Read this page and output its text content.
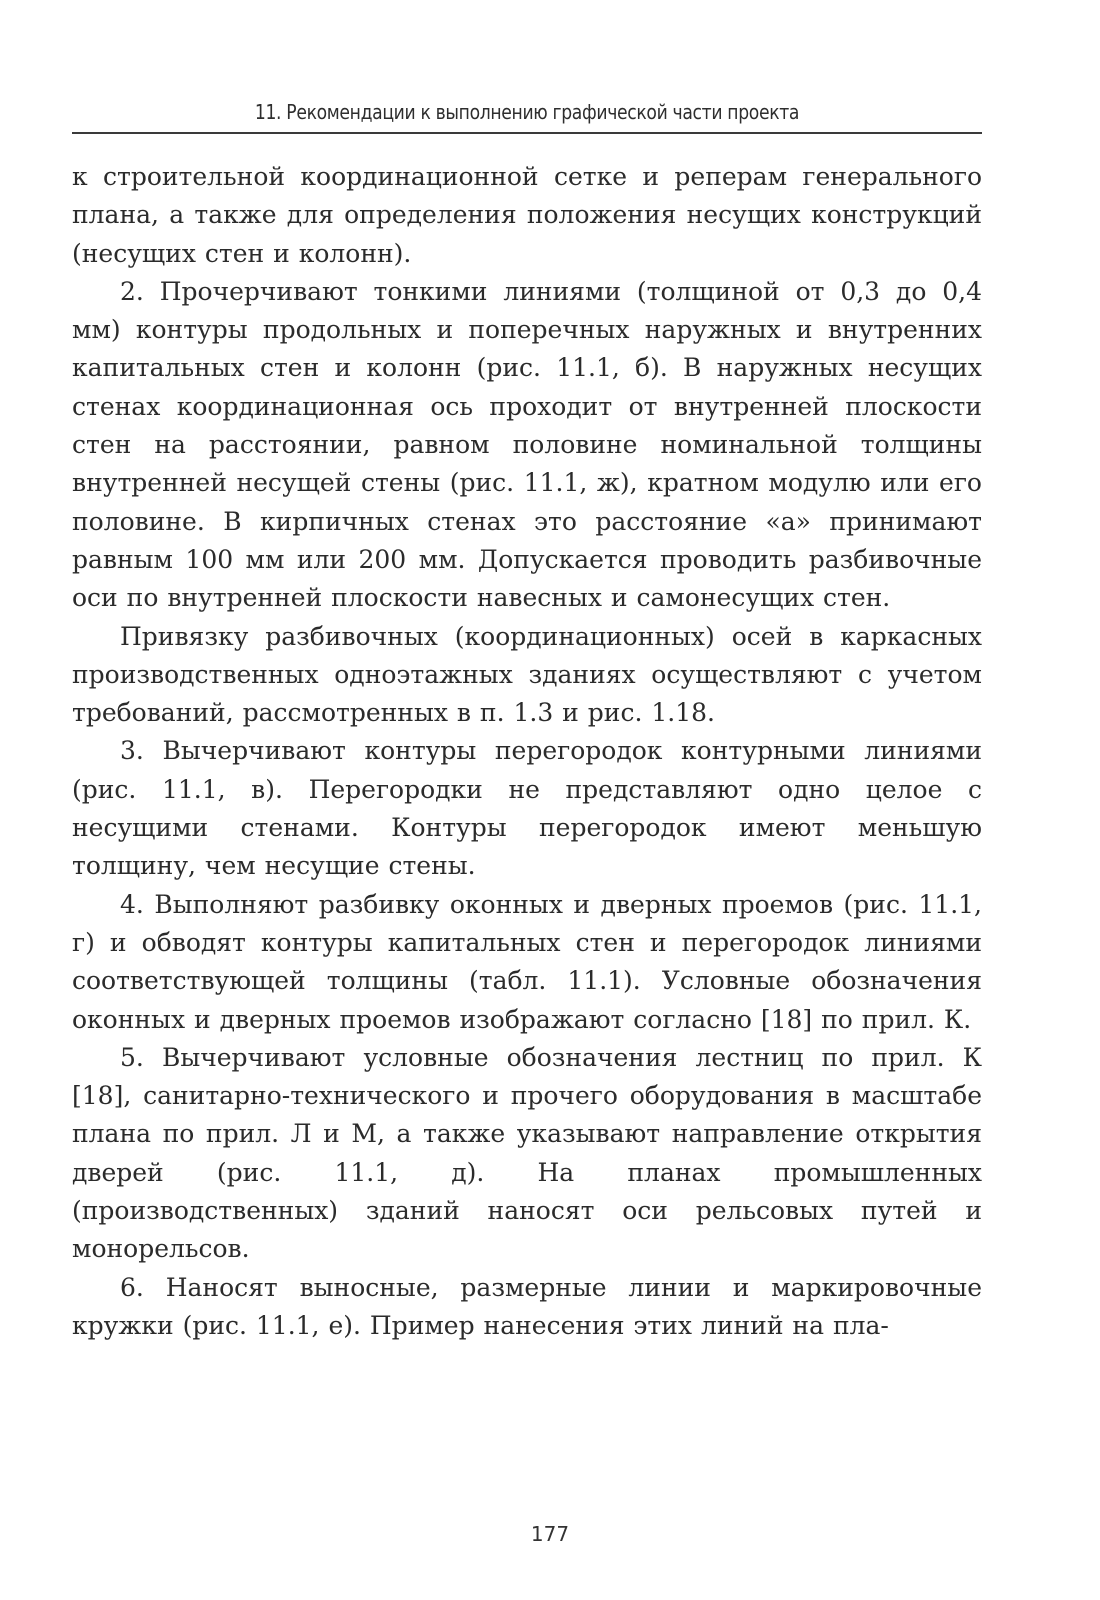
11. Рекомендации к выполнению графической части проекта

к строительной координационной сетке и реперам генерального плана, а также для определения положения несущих конструкций (несущих стен и колонн).

2. Прочерчивают тонкими линиями (толщиной от 0,3 до 0,4 мм) контуры продольных и поперечных наружных и внутренних капитальных стен и колонн (рис. 11.1, б). В наружных несущих стенах координационная ось проходит от внутренней плоскости стен на расстоянии, равном половине номинальной толщины внутренней несущей стены (рис. 11.1, ж), кратном модулю или его половине. В кирпичных стенах это расстояние «а» принимают равным 100 мм или 200 мм. Допускается проводить разбивочные оси по внутренней плоскости навесных и самонесущих стен.

Привязку разбивочных (координационных) осей в каркасных производственных одноэтажных зданиях осуществляют с учетом требований, рассмотренных в п. 1.3 и рис. 1.18.

3. Вычерчивают контуры перегородок контурными линиями (рис. 11.1, в). Перегородки не представляют одно целое с несущими стенами. Контуры перегородок имеют меньшую толщину, чем несущие стены.

4. Выполняют разбивку оконных и дверных проемов (рис. 11.1, г) и обводят контуры капитальных стен и перегородок линиями соответствующей толщины (табл. 11.1). Условные обозначения оконных и дверных проемов изображают согласно [18] по прил. К.

5. Вычерчивают условные обозначения лестниц по прил. К [18], санитарно-технического и прочего оборудования в масштабе плана по прил. Л и М, а также указывают направление открытия дверей (рис. 11.1, д). На планах промышленных (производственных) зданий наносят оси рельсовых путей и монорельсов.

6. Наносят выносные, размерные линии и маркировочные кружки (рис. 11.1, е). Пример нанесения этих линий на пла-

177
